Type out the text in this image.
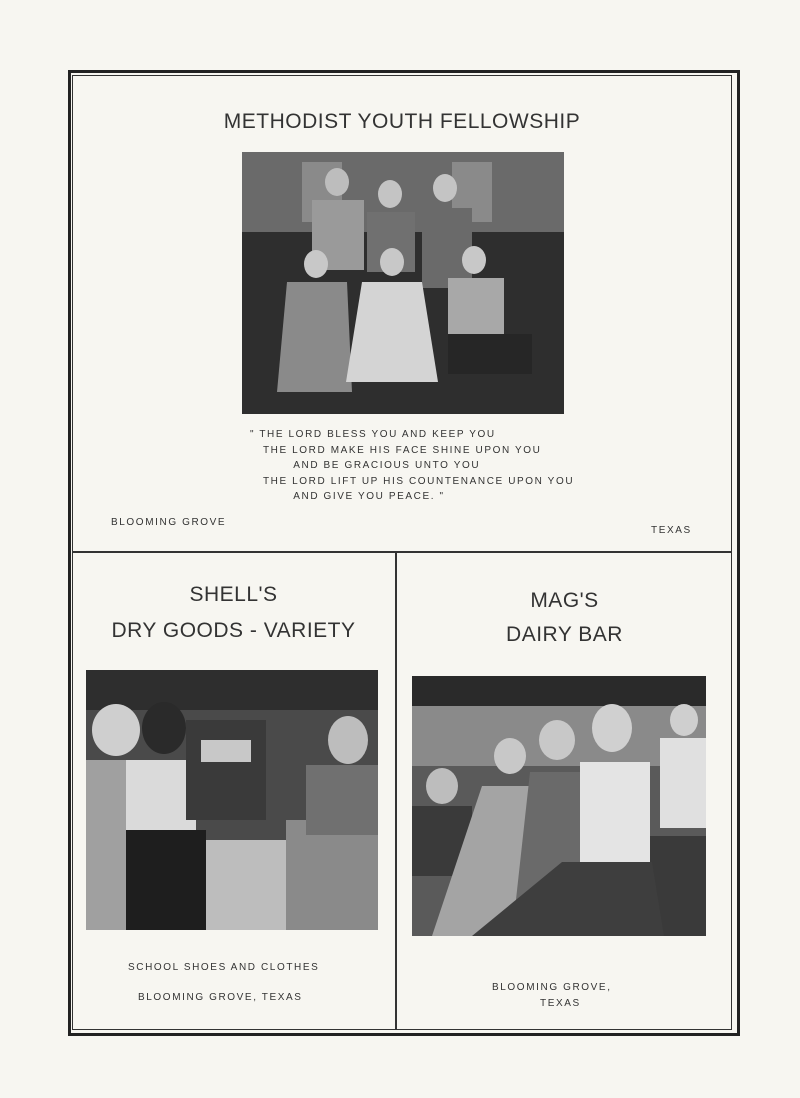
METHODIST YOUTH FELLOWSHIP
" THE LORD BLESS YOU AND KEEP YOU
THE LORD MAKE HIS FACE SHINE UPON YOU
AND BE GRACIOUS UNTO YOU
THE LORD LIFT UP HIS COUNTENANCE UPON YOU
AND GIVE YOU PEACE. "
BLOOMING GROVE
TEXAS
SHELL'S
DRY GOODS - VARIETY
SCHOOL SHOES AND CLOTHES
BLOOMING GROVE, TEXAS
MAG'S
DAIRY BAR
BLOOMING GROVE,
TEXAS
